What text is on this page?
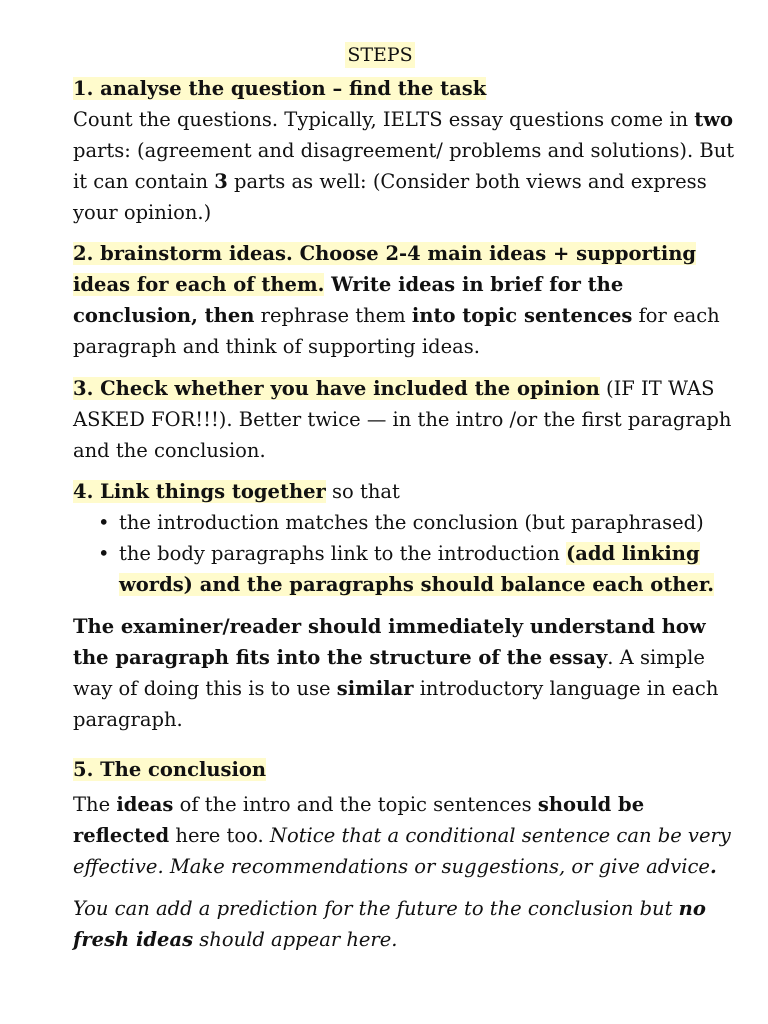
STEPS
1. analyse the question – find the task
Count the questions. Typically, IELTS essay questions come in two
parts: (agreement and disagreement/ problems and solutions). But
it can contain 3 parts as well: (Consider both views and express
your opinion.)
2. brainstorm ideas. Choose 2-4 main ideas + supporting
ideas for each of them. Write ideas in brief for the
conclusion, then rephrase them into topic sentences for each
paragraph and think of supporting ideas.
3. Check whether you have included the opinion (IF IT WAS
ASKED FOR!!!). Better twice — in the intro /or the first paragraph
and the conclusion.
4. Link things together so that
• the introduction matches the conclusion (but paraphrased)
• the body paragraphs link to the introduction (add linking
words) and the paragraphs should balance each other.
The examiner/reader should immediately understand how
the paragraph fits into the structure of the essay. A simple
way of doing this is to use similar introductory language in each
paragraph.
5. The conclusion
The ideas of the intro and the topic sentences should be
reflected here too. Notice that a conditional sentence can be very
effective. Make recommendations or suggestions, or give advice.
You can add a prediction for the future to the conclusion but no
fresh ideas should appear here.
